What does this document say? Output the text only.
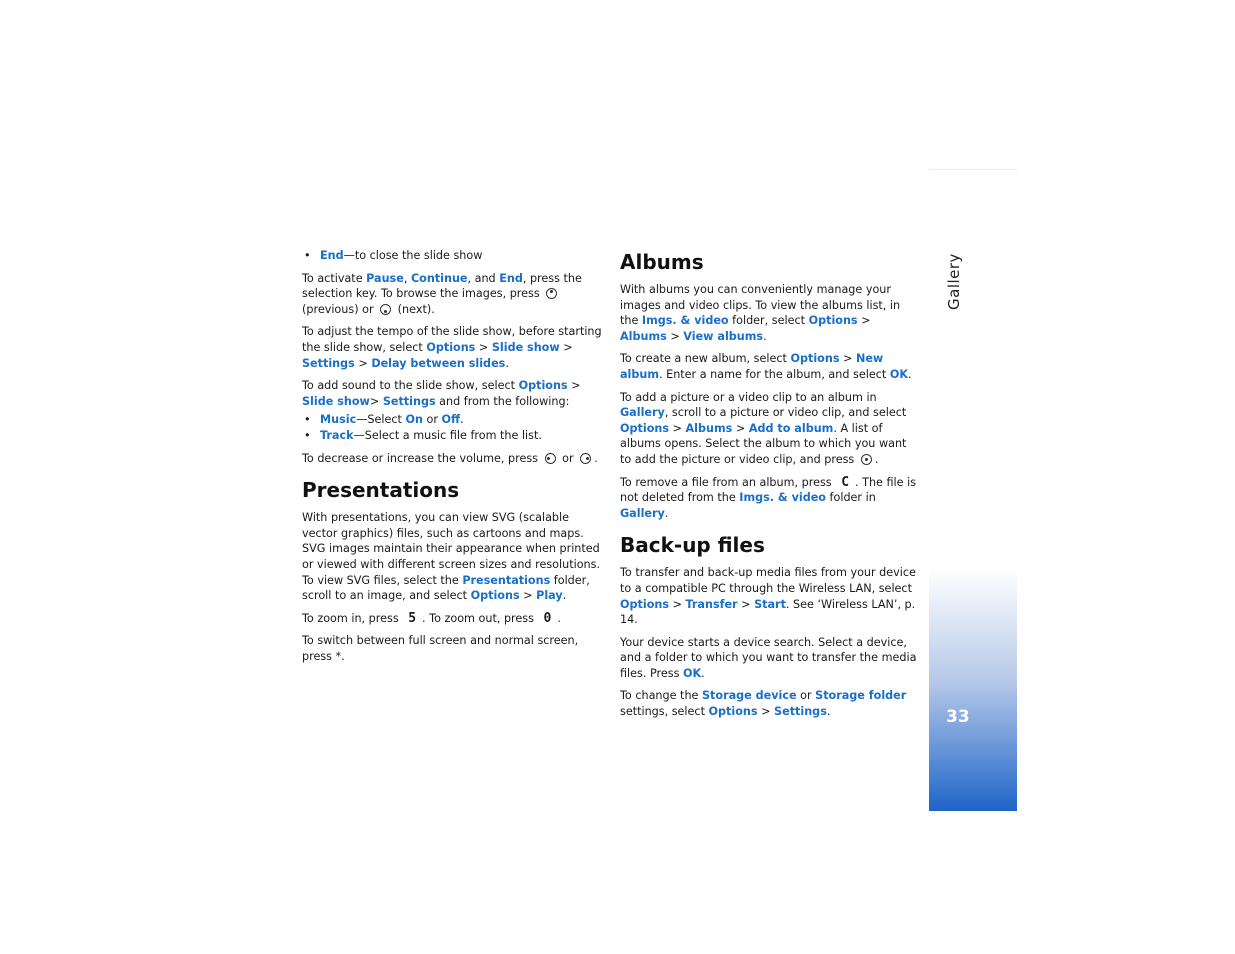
• End—to close the slide show

To activate Pause, Continue, and End, press the selection key. To browse the images, press  (previous) or  (next).

To adjust the tempo of the slide show, before starting the slide show, select Options > Slide show > Settings > Delay between slides.

To add sound to the slide show, select Options > Slide show> Settings and from the following:

• Music—Select On or Off.
• Track—Select a music file from the list.

To decrease or increase the volume, press  or .

Presentations

With presentations, you can view SVG (scalable vector graphics) files, such as cartoons and maps. SVG images maintain their appearance when printed or viewed with different screen sizes and resolutions. To view SVG files, select the Presentations folder, scroll to an image, and select Options > Play.

To zoom in, press 5 . To zoom out, press 0 .

To switch between full screen and normal screen, press *.

Albums

With albums you can conveniently manage your images and video clips. To view the albums list, in the Imgs. & video folder, select Options > Albums > View albums.

To create a new album, select Options > New album. Enter a name for the album, and select OK.

To add a picture or a video clip to an album in Gallery, scroll to a picture or video clip, and select Options > Albums > Add to album. A list of albums opens. Select the album to which you want to add the picture or video clip, and press .

To remove a file from an album, press C . The file is not deleted from the Imgs. & video folder in Gallery.

Back-up files

To transfer and back-up media files from your device to a compatible PC through the Wireless LAN, select Options > Transfer > Start. See ‘Wireless LAN’, p. 14.

Your device starts a device search. Select a device, and a folder to which you want to transfer the media files. Press OK.

To change the Storage device or Storage folder settings, select Options > Settings.

Gallery
33
